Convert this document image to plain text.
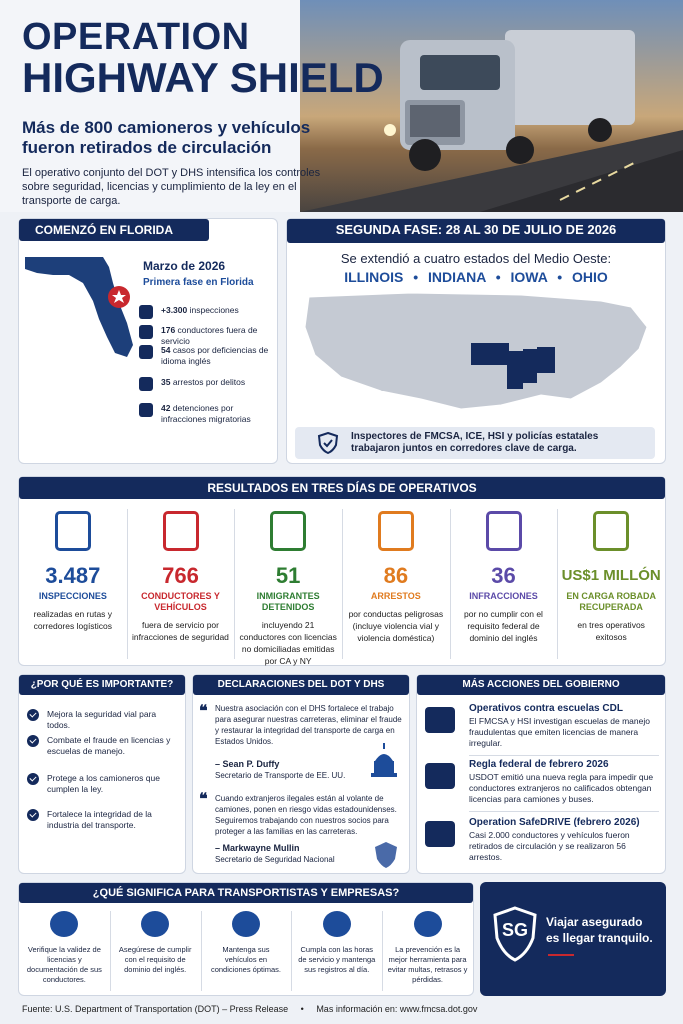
OPERATION
HIGHWAY SHIELD
Más de 800 camioneros y vehículos fueron retirados de circulación
El operativo conjunto del DOT y DHS intensifica los controles sobre seguridad, licencias y cumplimiento de la ley en el transporte de carga.
COMENZÓ EN FLORIDA
Marzo de 2026
Primera fase en Florida
+3.300 inspecciones
176 conductores fuera de servicio
54 casos por deficiencias de idioma inglés
35 arrestos por delitos
42 detenciones por infracciones migratorias
SEGUNDA FASE: 28 AL 30 DE JULIO DE 2026
Se extendió a cuatro estados del Medio Oeste:
ILLINOIS • INDIANA • IOWA • OHIO
Inspectores de FMCSA, ICE, HSI y policías estatales trabajaron juntos en corredores clave de carga.
RESULTADOS EN TRES DÍAS DE OPERATIVOS
3.487
INSPECCIONES
realizadas en rutas y corredores logísticos
766
CONDUCTORES Y VEHÍCULOS
fuera de servicio por infracciones de seguridad
51
INMIGRANTES DETENIDOS
incluyendo 21 conductores con licencias no domiciliadas emitidas por CA y NY
86
ARRESTOS
por conductas peligrosas (incluye violencia vial y violencia doméstica)
36
INFRACCIONES
por no cumplir con el requisito federal de dominio del inglés
US$1 MILLÓN
EN CARGA ROBADA RECUPERADA
en tres operativos exitosos
¿POR QUÉ ES IMPORTANTE?
Mejora la seguridad vial para todos.
Combate el fraude en licencias y escuelas de manejo.
Protege a los camioneros que cumplen la ley.
Fortalece la integridad de la industria del transporte.
DECLARACIONES DEL DOT Y DHS
❝ Nuestra asociación con el DHS fortalece el trabajo para asegurar nuestras carreteras, eliminar el fraude y restaurar la integridad del transporte de carga en Estados Unidos.
– Sean P. Duffy
Secretario de Transporte de EE. UU.
❝ Cuando extranjeros ilegales están al volante de camiones, ponen en riesgo vidas estadounidenses. Seguiremos trabajando con nuestros socios para proteger a las familias en las carreteras.
– Markwayne Mullin
Secretario de Seguridad Nacional
MÁS ACCIONES DEL GOBIERNO
Operativos contra escuelas CDL
El FMCSA y HSI investigan escuelas de manejo fraudulentas que emiten licencias de manera irregular.
Regla federal de febrero 2026
USDOT emitió una nueva regla para impedir que conductores extranjeros no calificados obtengan licencias para camiones y buses.
Operation SafeDRIVE (febrero 2026)
Casi 2.000 conductores y vehículos fueron retirados de circulación y se realizaron 56 arrestos.
¿QUÉ SIGNIFICA PARA TRANSPORTISTAS Y EMPRESAS?
Verifique la validez de licencias y documentación de sus conductores.
Asegúrese de cumplir con el requisito de dominio del inglés.
Mantenga sus vehículos en condiciones óptimas.
Cumpla con las horas de servicio y mantenga sus registros al día.
La prevención es la mejor herramienta para evitar multas, retrasos y pérdidas.
SG	Viajar asegurado es llegar tranquilo.
Fuente: U.S. Department of Transportation (DOT) – Press Release • Mas información en: www.fmcsa.dot.gov
